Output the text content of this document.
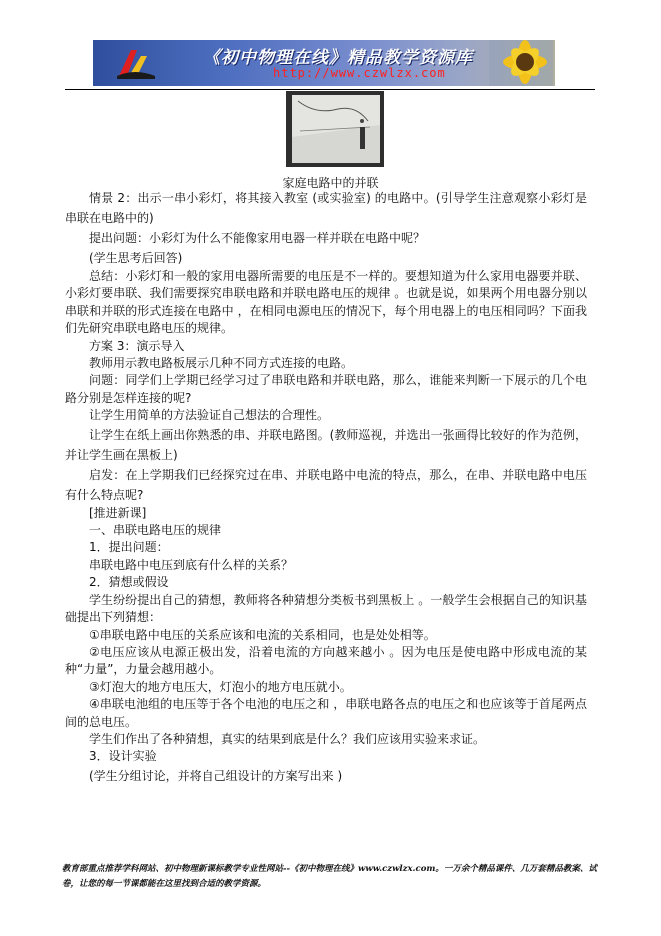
《初中物理在线》精品教学资源库
http://www.czwlzx.com
家庭电路中的并联

情景 2：出示一串小彩灯，将其接入教室 (或实验室) 的电路中。(引导学生注意观察小彩灯是串联在电路中的)

提出问题：小彩灯为什么不能像家用电器一样并联在电路中呢？

(学生思考后回答)

总结：小彩灯和一般的家用电器所需要的电压是不一样的。要想知道为什么家用电器要并联、小彩灯要串联、我们需要探究串联电路和并联电路电压的规律 。也就是说，如果两个用电器分别以串联和并联的形式连接在电路中 ，在相同电源电压的情况下，每个用电器上的电压相同吗？下面我们先研究串联电路电压的规律。

方案 3：演示导入

教师用示教电路板展示几种不同方式连接的电路。

问题：同学们上学期已经学习过了串联电路和并联电路，那么，谁能来判断一下展示的几个电路分别是怎样连接的呢?

让学生用简单的方法验证自己想法的合理性。

让学生在纸上画出你熟悉的串、并联电路图。(教师巡视，并选出一张画得比较好的作为范例，并让学生画在黑板上)

启发：在上学期我们已经探究过在串、并联电路中电流的特点，那么，在串、并联电路中电压有什么特点呢?

[推进新课]

一、串联电路电压的规律

1．提出问题：

串联电路中电压到底有什么样的关系？

2．猜想或假设

学生纷纷提出自己的猜想，教师将各种猜想分类板书到黑板上 。一般学生会根据自己的知识基础提出下列猜想：

①串联电路中电压的关系应该和电流的关系相同，也是处处相等。

②电压应该从电源正极出发，沿着电流的方向越来越小 。因为电压是使电路中形成电流的某种“力量”，力量会越用越小。

③灯泡大的地方电压大，灯泡小的地方电压就小。

④串联电池组的电压等于各个电池的电压之和 ，串联电路各点的电压之和也应该等于首尾两点间的总电压。

学生们作出了各种猜想，真实的结果到底是什么？我们应该用实验来求证。

3．设计实验

(学生分组讨论，并将自己组设计的方案写出来 )

教育部重点推荐学科网站、初中物理新课标教学专业性网站--《初中物理在线》www.czwlzx.com。一万余个精品课件、几万套精品教案、试卷，让您的每一节课都能在这里找到合适的教学资源。
